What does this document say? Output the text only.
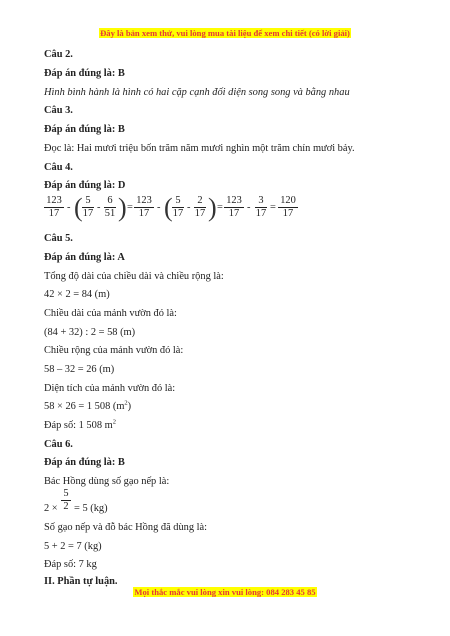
Đây là bản xem thử, vui lòng mua tài liệu để xem chi tiết (có lời giải)
Câu 2.
Đáp án đúng là: B
Hình bình hành là hình có hai cặp cạnh đối diện song song và bằng nhau
Câu 3.
Đáp án đúng là: B
Đọc là: Hai mươi triệu bốn trăm năm mươi nghìn một trăm chín mươi bảy.
Câu 4.
Đáp án đúng là: D
123
17
- ( 5
17
-
6
51 ) =
123
17
- ( 5
17
-
2
17 ) =
123
17
-
3
17
=
120
17
Câu 5.
Đáp án đúng là: A
Tổng độ dài của chiều dài và chiều rộng là:
42 × 2 = 84 (m)
Chiều dài của mảnh vườn đó là:
(84 + 32) : 2 = 58 (m)
Chiều rộng của mảnh vườn đó là:
58 – 32 = 26 (m)
Diện tích của mảnh vườn đó là:
58 × 26 = 1 508 $(m^2)$
Đáp số: 1 508 $m^2$
Câu 6.
Đáp án đúng là: B
Bác Hồng dùng số gạo nếp là:
2 ×
5
2 = 5 (kg)
Số gạo nếp và đỗ bác Hồng đã dùng là:
5 + 2 = 7 (kg)
Đáp số: 7 kg
II. Phần tự luận.
Mọi thắc mắc vui lòng xin vui lòng: 084 283 45 85
